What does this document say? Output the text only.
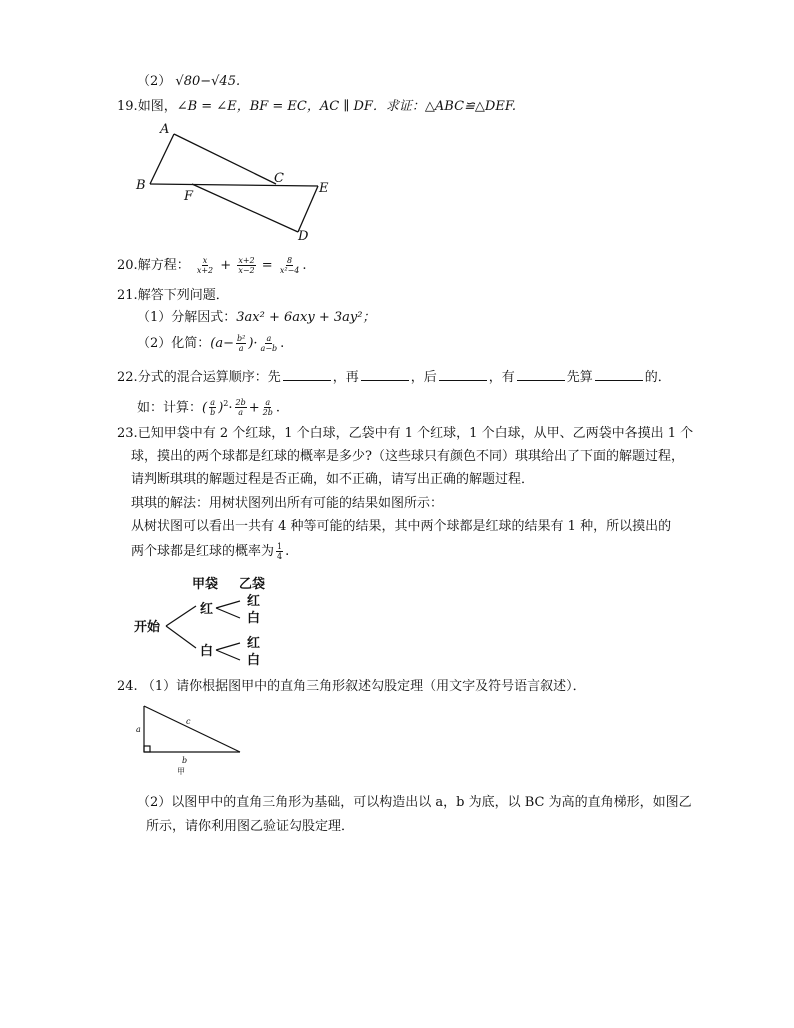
（2） √80−√45.
19.如图，∠B = ∠E，BF = EC，AC ∥ DF．求证：△ABC≌△DEF.
A
B	C
E
F
D
20.解方程： $\frac{x}{x+2} + \frac{x+2}{x-2} = \frac{8}{\text{x²−4}}$ .
21.解答下列问题．
（1）分解因式：3ax² + 6axy + 3ay²；
（2）化简：($a- \frac{\text{b²}}{a}$ )· $\frac{a}{a-b}$ .
22.分式的混合运算顺序：先	，再	，后	，有	先算	的．
如：计算：( $\frac{a}{b} )^2\cdot \frac{2b}{a} + \frac{a}{2b}$ .
23.已知甲袋中有 2 个红球，1 个白球，乙袋中有 1 个红球，1 个白球，从甲、乙两袋中各摸出 1 个
球，摸出的两个球都是红球的概率是多少?（这些球只有颜色不同）琪琪给出了下面的解题过程，
请判断琪琪的解题过程是否正确，如不正确，请写出正确的解题过程．
琪琪的解法：用树状图列出所有可能的结果如图所示：
从树状图可以看出一共有 4 种等可能的结果，其中两个球都是红球的结果有 1 种，所以摸出的
两个球都是红球的概率为 $\frac{1}{4}$ .
甲袋 乙袋
开始
红
白
红
白
红
白
24. （1）请你根据图甲中的直角三角形叙述勾股定理（用文字及符号语言叙述）．
a
c
b
甲
（2）以图甲中的直角三角形为基础，可以构造出以 a，b 为底，以 BC 为高的直角梯形，如图乙
所示，请你利用图乙验证勾股定理．
